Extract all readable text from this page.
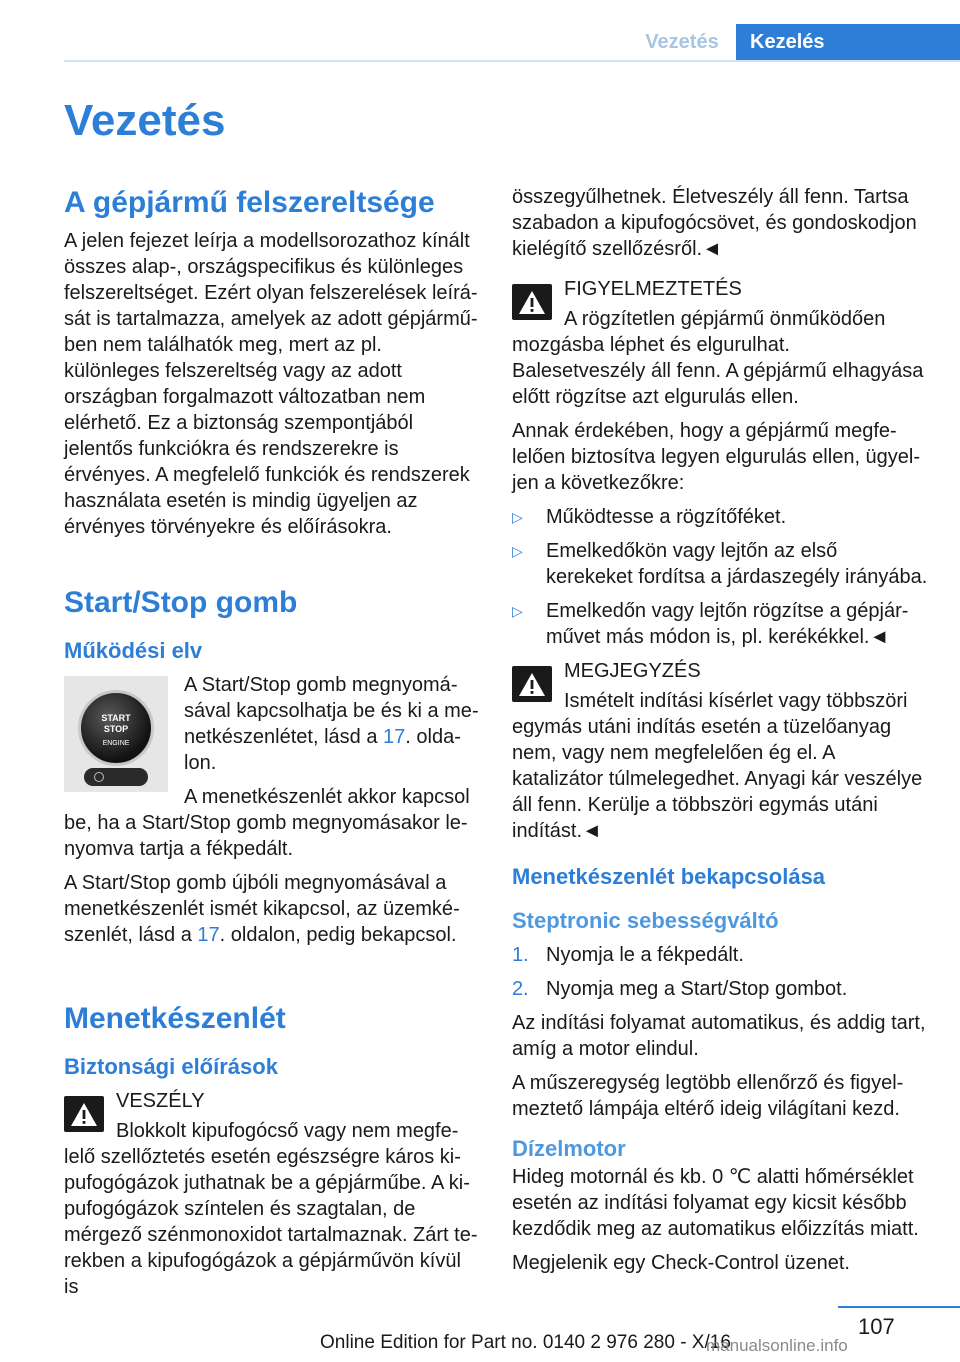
Vezetés	Kezelés
Vezetés
A gépjármű felszereltsége

A jelen fejezet leírja a modellsorozathoz kínált összes alap-, országspecifikus és különleges felszereltséget. Ezért olyan felszerelések leírását is tartalmazza, amelyek az adott gépjárműben nem találhatók meg, mert az pl. különleges felszereltség vagy az adott országban forgalmazott változatban nem elérhető. Ez a biztonság szempontjából jelentős funkciókra és rendszerekre is érvényes. A megfelelő funkciók és rendszerek használata esetén is mindig ügyeljen az érvényes törvényekre és előírásokra.

Start/Stop gomb
Működési elv
START
STOP
ENGINE

A Start/Stop gomb megnyomásával kapcsolhatja be és ki a menetkészenlétet, lásd a 17. oldalon.

A menetkészenlét akkor kapcsol be, ha a Start/Stop gomb megnyomásakor lenyomva tartja a fékpedált.

A Start/Stop gomb újbóli megnyomásával a menetkészenlét ismét kikapcsol, az üzemkészenlét, lásd a 17. oldalon, pedig bekapcsol.

Menetkészenlét
Biztonsági előírások
VESZÉLY

Blokkolt kipufogócső vagy nem megfelelő szellőztetés esetén egészségre káros kipufogógázok juthatnak be a gépjárműbe. A kipufogógázok színtelen és szagtalan, de mérgező szénmonoxidot tartalmaznak. Zárt terekben a kipufogógázok a gépjárművön kívül is

összegyűlhetnek. Életveszély áll fenn. Tartsa szabadon a kipufogócsövet, és gondoskodjon kielégítő szellőzésről.◄

FIGYELMEZTETÉS

A rögzítetlen gépjármű önműködően mozgásba léphet és elgurulhat. Balesetveszély áll fenn. A gépjármű elhagyása előtt rögzítse azt elgurulás ellen.

Annak érdekében, hogy a gépjármű megfelelően biztosítva legyen elgurulás ellen, ügyeljen a következőkre:

▷ Működtesse a rögzítőféket.
▷ Emelkedőkön vagy lejtőn az első kerekeket fordítsa a járdaszegély irányába.
▷ Emelkedőn vagy lejtőn rögzítse a gépjárművet más módon is, pl. kerékékkel.◄
MEGJEGYZÉS

Ismételt indítási kísérlet vagy többszöri egymás utáni indítás esetén a tüzelőanyag nem, vagy nem megfelelően ég el. A katalizátor túlmelegedhet. Anyagi kár veszélye áll fenn. Kerülje a többszöri egymás utáni indítást.◄

Menetkészenlét bekapcsolása
Steptronic sebességváltó
1. Nyomja le a fékpedált.
2. Nyomja meg a Start/Stop gombot.

Az indítási folyamat automatikus, és addig tart, amíg a motor elindul.

A műszeregység legtöbb ellenőrző és figyelmeztető lámpája eltérő ideig világítani kezd.

Dízelmotor

Hideg motornál és kb. 0 ℃ alatti hőmérséklet esetén az indítási folyamat egy kicsit később kezdődik meg az automatikus előizzítás miatt.

Megjelenik egy Check-Control üzenet.

107
Online Edition for Part no. 0140 2 976 280 - X/16
manualsonline.info
